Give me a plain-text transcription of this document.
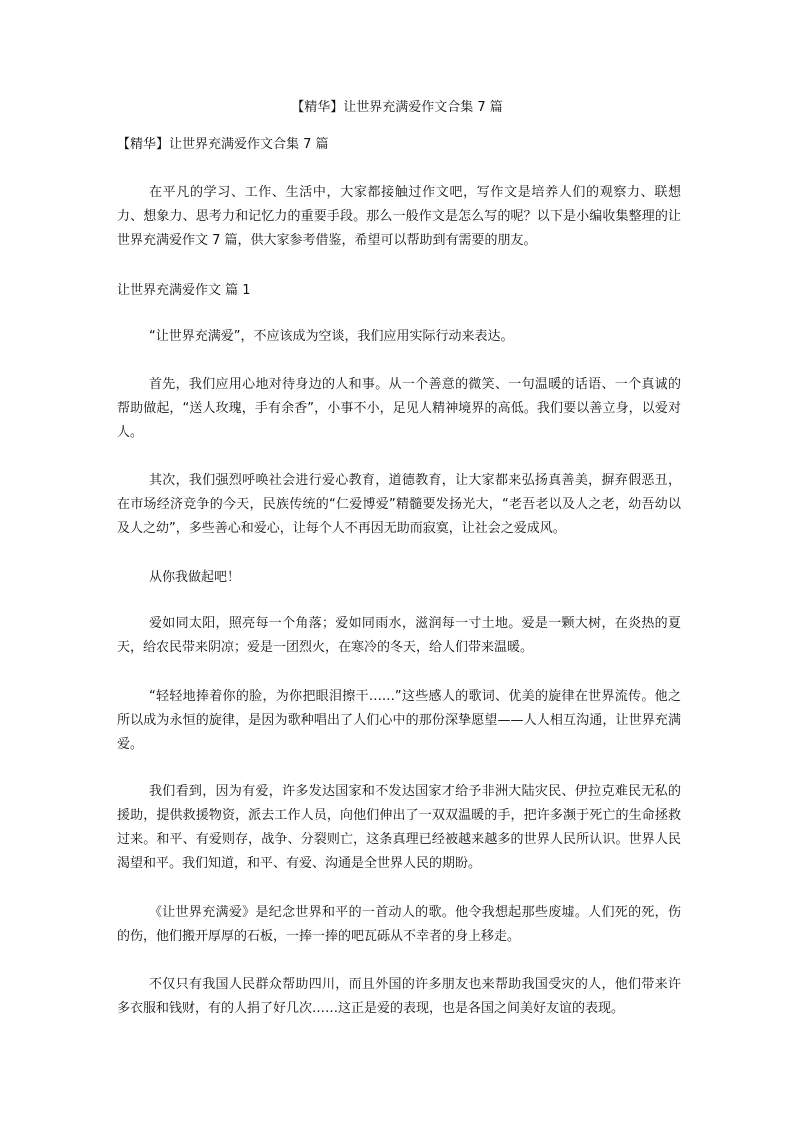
【精华】让世界充满爱作文合集 7 篇
【精华】让世界充满爱作文合集 7 篇
在平凡的学习、工作、生活中，大家都接触过作文吧，写作文是培养人们的观察力、联想力、想象力、思考力和记忆力的重要手段。那么一般作文是怎么写的呢？以下是小编收集整理的让世界充满爱作文 7 篇，供大家参考借鉴，希望可以帮助到有需要的朋友。
让世界充满爱作文 篇 1
“让世界充满爱”，不应该成为空谈，我们应用实际行动来表达。
首先，我们应用心地对待身边的人和事。从一个善意的微笑、一句温暖的话语、一个真诚的帮助做起，“送人玫瑰，手有余香”，小事不小，足见人精神境界的高低。我们要以善立身，以爱对人。
其次，我们强烈呼唤社会进行爱心教育，道德教育，让大家都来弘扬真善美，摒弃假恶丑，在市场经济竞争的今天，民族传统的“仁爱博爱”精髓要发扬光大，“老吾老以及人之老，幼吾幼以及人之幼”，多些善心和爱心，让每个人不再因无助而寂寞，让社会之爱成风。
从你我做起吧！
爱如同太阳，照亮每一个角落；爱如同雨水，滋润每一寸土地。爱是一颗大树，在炎热的夏天，给农民带来阴凉；爱是一团烈火，在寒冷的冬天，给人们带来温暖。
“轻轻地捧着你的脸，为你把眼泪擦干……”这些感人的歌词、优美的旋律在世界流传。他之所以成为永恒的旋律，是因为歌种唱出了人们心中的那份深挚愿望——人人相互沟通，让世界充满爱。
我们看到，因为有爱，许多发达国家和不发达国家才给予非洲大陆灾民、伊拉克难民无私的援助，提供救援物资，派去工作人员，向他们伸出了一双双温暖的手，把许多濒于死亡的生命拯救过来。和平、有爱则存，战争、分裂则亡，这条真理已经被越来越多的世界人民所认识。世界人民渴望和平。我们知道，和平、有爱、沟通是全世界人民的期盼。
《让世界充满爱》是纪念世界和平的一首动人的歌。他令我想起那些废墟。人们死的死，伤的伤，他们搬开厚厚的石板，一捧一捧的吧瓦砾从不幸者的身上移走。
不仅只有我国人民群众帮助四川，而且外国的许多朋友也来帮助我国受灾的人，他们带来许多衣服和钱财，有的人捐了好几次……这正是爱的表现，也是各国之间美好友谊的表现。
